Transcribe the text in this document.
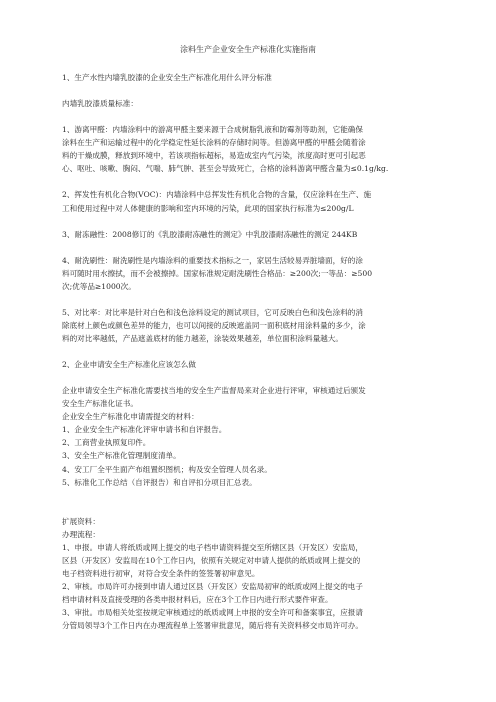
涂料生产企业安全生产标准化实施指南
1、生产水性内墙乳胶漆的企业安全生产标准化用什么评分标准
内墙乳胶漆质量标准：
1、游离甲醛：内墙涂料中的游离甲醛主要来源于合成树脂乳液和防霉剂等助剂，它能确保
涂料在生产和运输过程中的化学稳定性延长涂料的存储时间等。但游离甲醛的甲醛会随着涂
料的干燥成膜，释放到环境中，若该项指标超标，易造成室内气污染，浓度高时更可引起恶
心、呕吐、咳嗽、胸闷、气喘、肺气肿、甚至会导致死亡，合格的涂料游离甲醛含量为≤0.1g/kg.
2、挥发性有机化合物(VOC)：内墙涂料中总挥发性有机化合物的含量，仅应涂料在生产、施
工和使用过程中对人体健康的影响和室内环境的污染，此项的国家执行标准为≤200g/L
3、耐冻融性：2008修订的《乳胶漆耐冻融性的测定》中乳胶漆耐冻融性的测定 244KB
4、耐洗刷性：耐洗刷性是内墙涂料的重要技术指标之一，家居生活较易弄脏墙面，好的涂
料可随时用水擦拭，而不会被擦掉。国家标准规定耐洗刷性合格品：≥200次;一等品：≥500
次;优等品≥1000次。
5、对比率：对比率是针对白色和浅色涂料设定的测试项目，它可反映白色和浅色涂料的消
除底材上颜色或颜色差异的能力，也可以间接的反映遮盖同一面积底材用涂料量的多少，涂
料的对比率越低，产品遮盖底材的能力越差，涂装效果越差，单位面积涂料量越大。
2、企业申请安全生产标准化应该怎么做
企业申请安全生产标准化需要找当地的安全生产监督局来对企业进行评审，审核通过后颁发
安全生产标准化证书。
企业安全生产标准化申请需提交的材料：
1、企业安全生产标准化评审申请书和自评报告。
2、工商营业执照复印件。
3、安全生产标准化管理制度清单。
4、安工厂全平生面产布组置织图机；构及安全管理人员名录。
5、标准化工作总结（自评报告）和自评扣分项目汇总表。
扩展资料：
办理流程：
1、申报。申请人将纸质或网上提交的电子档申请资料提交至所辖区县（开发区）安监局，
区县（开发区）安监局在10个工作日内，依照有关规定对申请人提供的纸质或网上提交的
电子档资料进行初审，对符合安全条件的签签署初审意见。
2、审核。市局许可办接到申请人通过区县（开发区）安监局初审的纸质或网上提交的电子
档申请材料及直接受理的各类申报材料后，应在3个工作日内进行形式要件审查。
3、审批。市局相关处室按规定审核通过的纸质或网上申报的安全许可和备案事宜，应报请
分管局领导3个工作日内在办理流程单上签署审批意见，随后将有关资料移交市局许可办。
